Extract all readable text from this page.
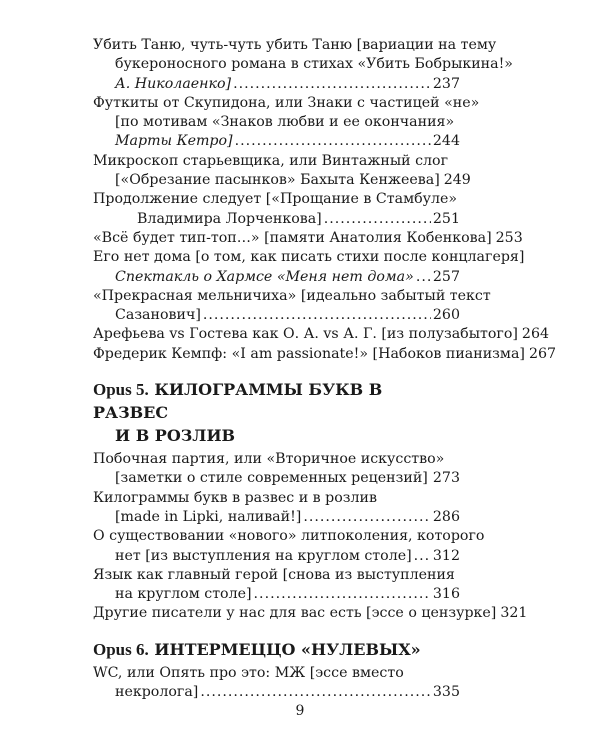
Убить Таню, чуть-чуть убить Таню [вариации на тему
букероносного романа в стихах «Убить Бобрыкина!»
А. Николаенко] .....	237
Футкиты от Скупидона, или Знаки с частицей «не»
[по мотивам «Знаков любви и ее окончания»
Марты Кетро] .....	244
Микроскоп старьевщика, или Винтажный слог
[«Обрезание пасынков» Бахыта Кенжеева] 249
Продолжение следует [«Прощание в Стамбуле»
Владимира Лорченкова] .....	251
«Всё будет тип-топ…» [памяти Анатолия Кобенкова] 253
Его нет дома [о том, как писать стихи после концлагеря]
Спектакль о Хармсе «Меня нет дома» ..... 257
«Прекрасная мельничиха» [идеально забытый текст
Сазанович] .....	260
Арефьева vs Гостева как О. А. vs А. Г. [из полузабытого] 264
Фредерик Кемпф: «I am passionate!» [Набоков пианизма] 267
Opus 5. КИЛОГРАММЫ БУКВ В РАЗВЕС
И В РОЗЛИВ
Побочная партия, или «Вторичное искусство»
[заметки о стиле современных рецензий] ..... 273
Килограммы букв в развес и в розлив
[made in Lipki, наливай!] .....	286
О существовании «нового» литпоколения, которого
нет [из выступления на круглом столе] ..... 312
Язык как главный герой [снова из выступления
на круглом столе] .....	316
Другие писатели у нас для вас есть [эссе о цензурке] 321
Opus 6. ИНТЕРМЕЦЦО «НУЛЕВЫХ»
WC, или Опять про это: МЖ [эссе вместо
некролога] .....	335
9
